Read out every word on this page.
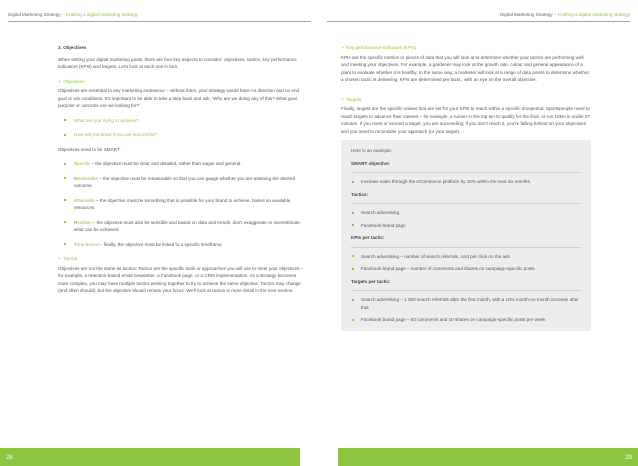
Digital Marketing Strategy – Crafting a digital marketing strategy

3. Objectives

When setting your digital marketing goals, there are four key aspects to consider: objectives, tactics, key performance indicators (KPIs) and targets. Let’s look at each one in turn.

> Objectives

Objectives are essential to any marketing endeavour – without them, your strategy would have no direction and no end goal or win conditions. It’s important to be able to take a step back and ask, ‘Why are we doing any of this? What goal, purpose or outcome are we looking for?’

What are you trying to achieve?
How will you know if you are successful?

Objectives need to be SMART:

Specific – the objective must be clear and detailed, rather than vague and general.
Measurable – the objective must be measurable so that you can gauge whether you are attaining the desired outcome.
Attainable – the objective must be something that is possible for your brand to achieve, based on available resources.
Realistic – the objective must also be sensible and based on data and trends; don’t exaggerate or overestimate what can be achieved.
Time-bound – finally, the objective must be linked to a specific timeframe.

> Tactics

Objectives are not the same as tactics. Tactics are the specific tools or approaches you will use to meet your objectives – for example, a retention-based email newsletter, a Facebook page, or a CRM implementation. As a strategy becomes more complex, you may have multiple tactics working together to try to achieve the same objective. Tactics may change (and often should), but the objective should remain your focus. We’ll look at tactics in more detail in the next section.

28
Digital Marketing Strategy – Crafting a digital marketing strategy

> Key performance indicators (KPIs)

KPIs are the specific metrics or pieces of data that you will look at to determine whether your tactics are performing well and meeting your objectives. For example, a gardener may look at the growth rate, colour and general appearance of a plant to evaluate whether it is healthy. In the same way, a marketer will look at a range of data points to determine whether a chosen tactic is delivering. KPIs are determined per tactic, with an eye on the overall objective.

> Targets

Finally, targets are the specific values that are set for your KPIs to reach within a specific timeperiod. Sportspeople need to reach targets to advance their careers – for example, a runner in the top ten to qualify for the final, or run 10km in under 27 minutes. If you meet or exceed a target, you are succeeding; if you don’t reach it, you’re falling behind on your objectives and you need to reconsider your approach (or your target).

Here is an example:

SMART objective:

Increase sales through the eCommerce platform by 10% within the next six months.

Tactics:

Search advertising
Facebook brand page

KPIs per tactic:

Search advertising – number of search referrals, cost per click on the ads
Facebook brand page – number of comments and shares on campaign-specific posts

Targets per tactic:

Search advertising – 1 000 search referrals after the first month, with a 10% month-on-month increase after that
Facebook brand page – 50 comments and 10 shares on campaign-specific posts per week
29
